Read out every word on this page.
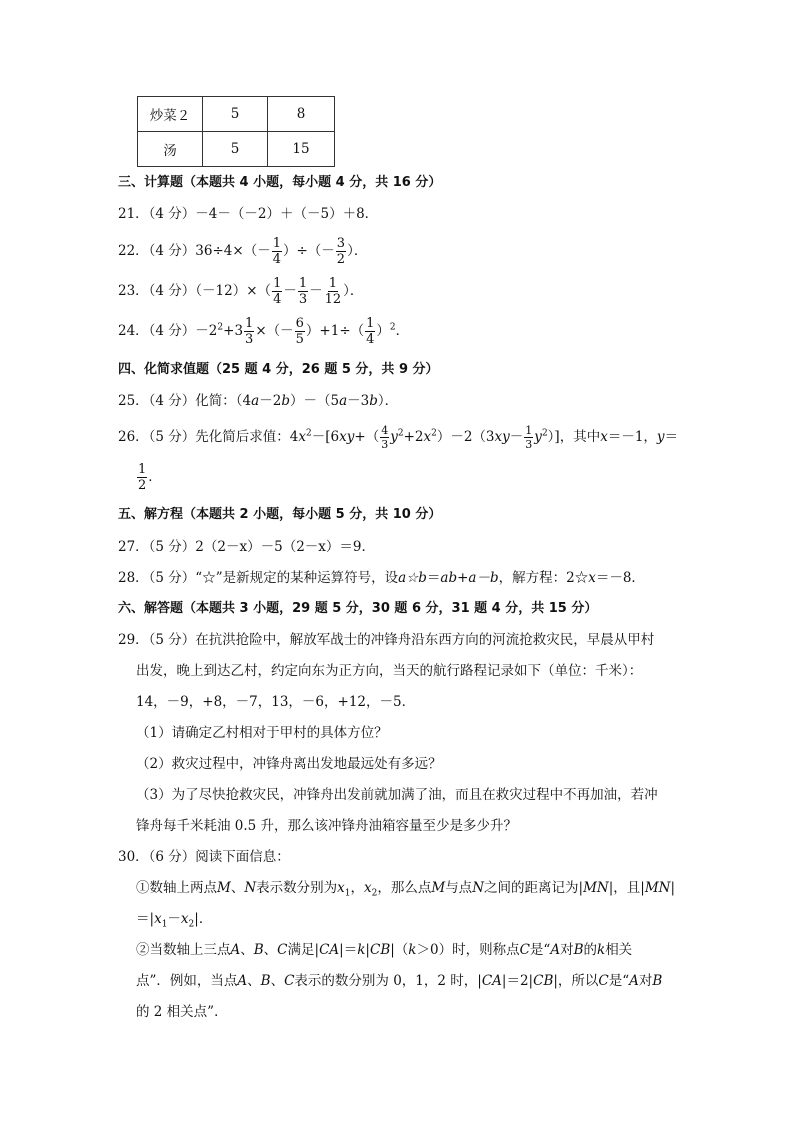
炒菜２	5	8
汤	5	15
三、计算题（本题共 4 小题，每小题 4 分，共 16 分）
21．（4 分）－4－（－2）＋（－5）＋8．
22．（4 分）$36\div 4\times(- \frac{1}{4}$ ）÷（－ $\frac{3}{2}$ ）．
23．（4 分）$(-12)\times( \frac{1}{4} - \frac{1}{3} - \frac{1}{12}$ ）．
24．（4 分）$-2^2+3 \frac{1}{3}$ ×（－ $\frac{6}{5} )+1\div( \frac{1}{4} )^2$．
四、化简求值题（25 题 4 分，26 题 5 分，共 9 分）
25．（4 分）化简：（4a－2b）－（5a－3b）．
26．（5 分）先化简后求值：$4x^2-[6xy+( \frac{4}{3} y^2+2x^2)-2(3xy- \frac{1}{3} y^2)]$，其中x＝－1，y＝
$\frac{1}{2}$ ．
五、解方程（本题共 2 小题，每小题 5 分，共 10 分）
27．（5 分）2（2－x）－5（2－x）＝9．
28．（5 分）“☆”是新规定的某种运算符号，设a☆b＝ab+a－b，解方程：2☆x＝－8．
六、解答题（本题共 3 小题，29 题 5 分，30 题 6 分，31 题 4 分，共 15 分）
29．（5 分）在抗洪抢险中，解放军战士的冲锋舟沿东西方向的河流抢救灾民，早晨从甲村
出发，晚上到达乙村，约定向东为正方向，当天的航行路程记录如下（单位：千米）：
14，－9，+8，－7，13，－6，+12，－5．
（1）请确定乙村相对于甲村的具体方位？
（2）救灾过程中，冲锋舟离出发地最远处有多远？
（3）为了尽快抢救灾民，冲锋舟出发前就加满了油，而且在救灾过程中不再加油，若冲
锋舟每千米耗油 0.5 升，那么该冲锋舟油箱容量至少是多少升？
30．（6 分）阅读下面信息：
①数轴上两点M、N表示数分别为$x_1$，$x_2$，那么点M与点N之间的距离记为|MN|，且|MN|
$=|x_1-x_2|$．
②当数轴上三点A、B、C满足|CA|＝k|CB|（k＞0）时，则称点C是“A对B的k相关
点”．例如，当点A、B、C表示的数分别为 0，1，2 时，|CA|＝2|CB|，所以C是“A对B
的 2 相关点”．
